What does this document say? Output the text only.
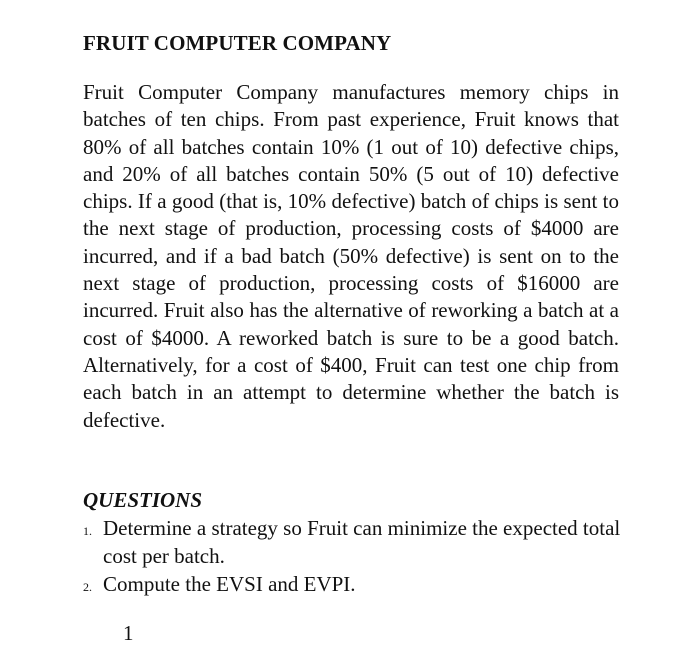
FRUIT COMPUTER COMPANY

Fruit Computer Company manufactures memory chips in batches of ten chips. From past experience, Fruit knows that 80% of all batches contain 10% (1 out of 10) defective chips, and 20% of all batches contain 50% (5 out of 10) defective chips. If a good (that is, 10% defective) batch of chips is sent to the next stage of production, processing costs of $4000 are incurred, and if a bad batch (50% defective) is sent on to the next stage of production, processing costs of $16000 are incurred. Fruit also has the alternative of reworking a batch at a cost of $4000. A reworked batch is sure to be a good batch. Alternatively, for a cost of $400, Fruit can test one chip from each batch in an attempt to determine whether the batch is defective.

QUESTIONS
1. Determine a strategy so Fruit can minimize the expected total cost per batch.
2. Compute the EVSI and EVPI.

1
